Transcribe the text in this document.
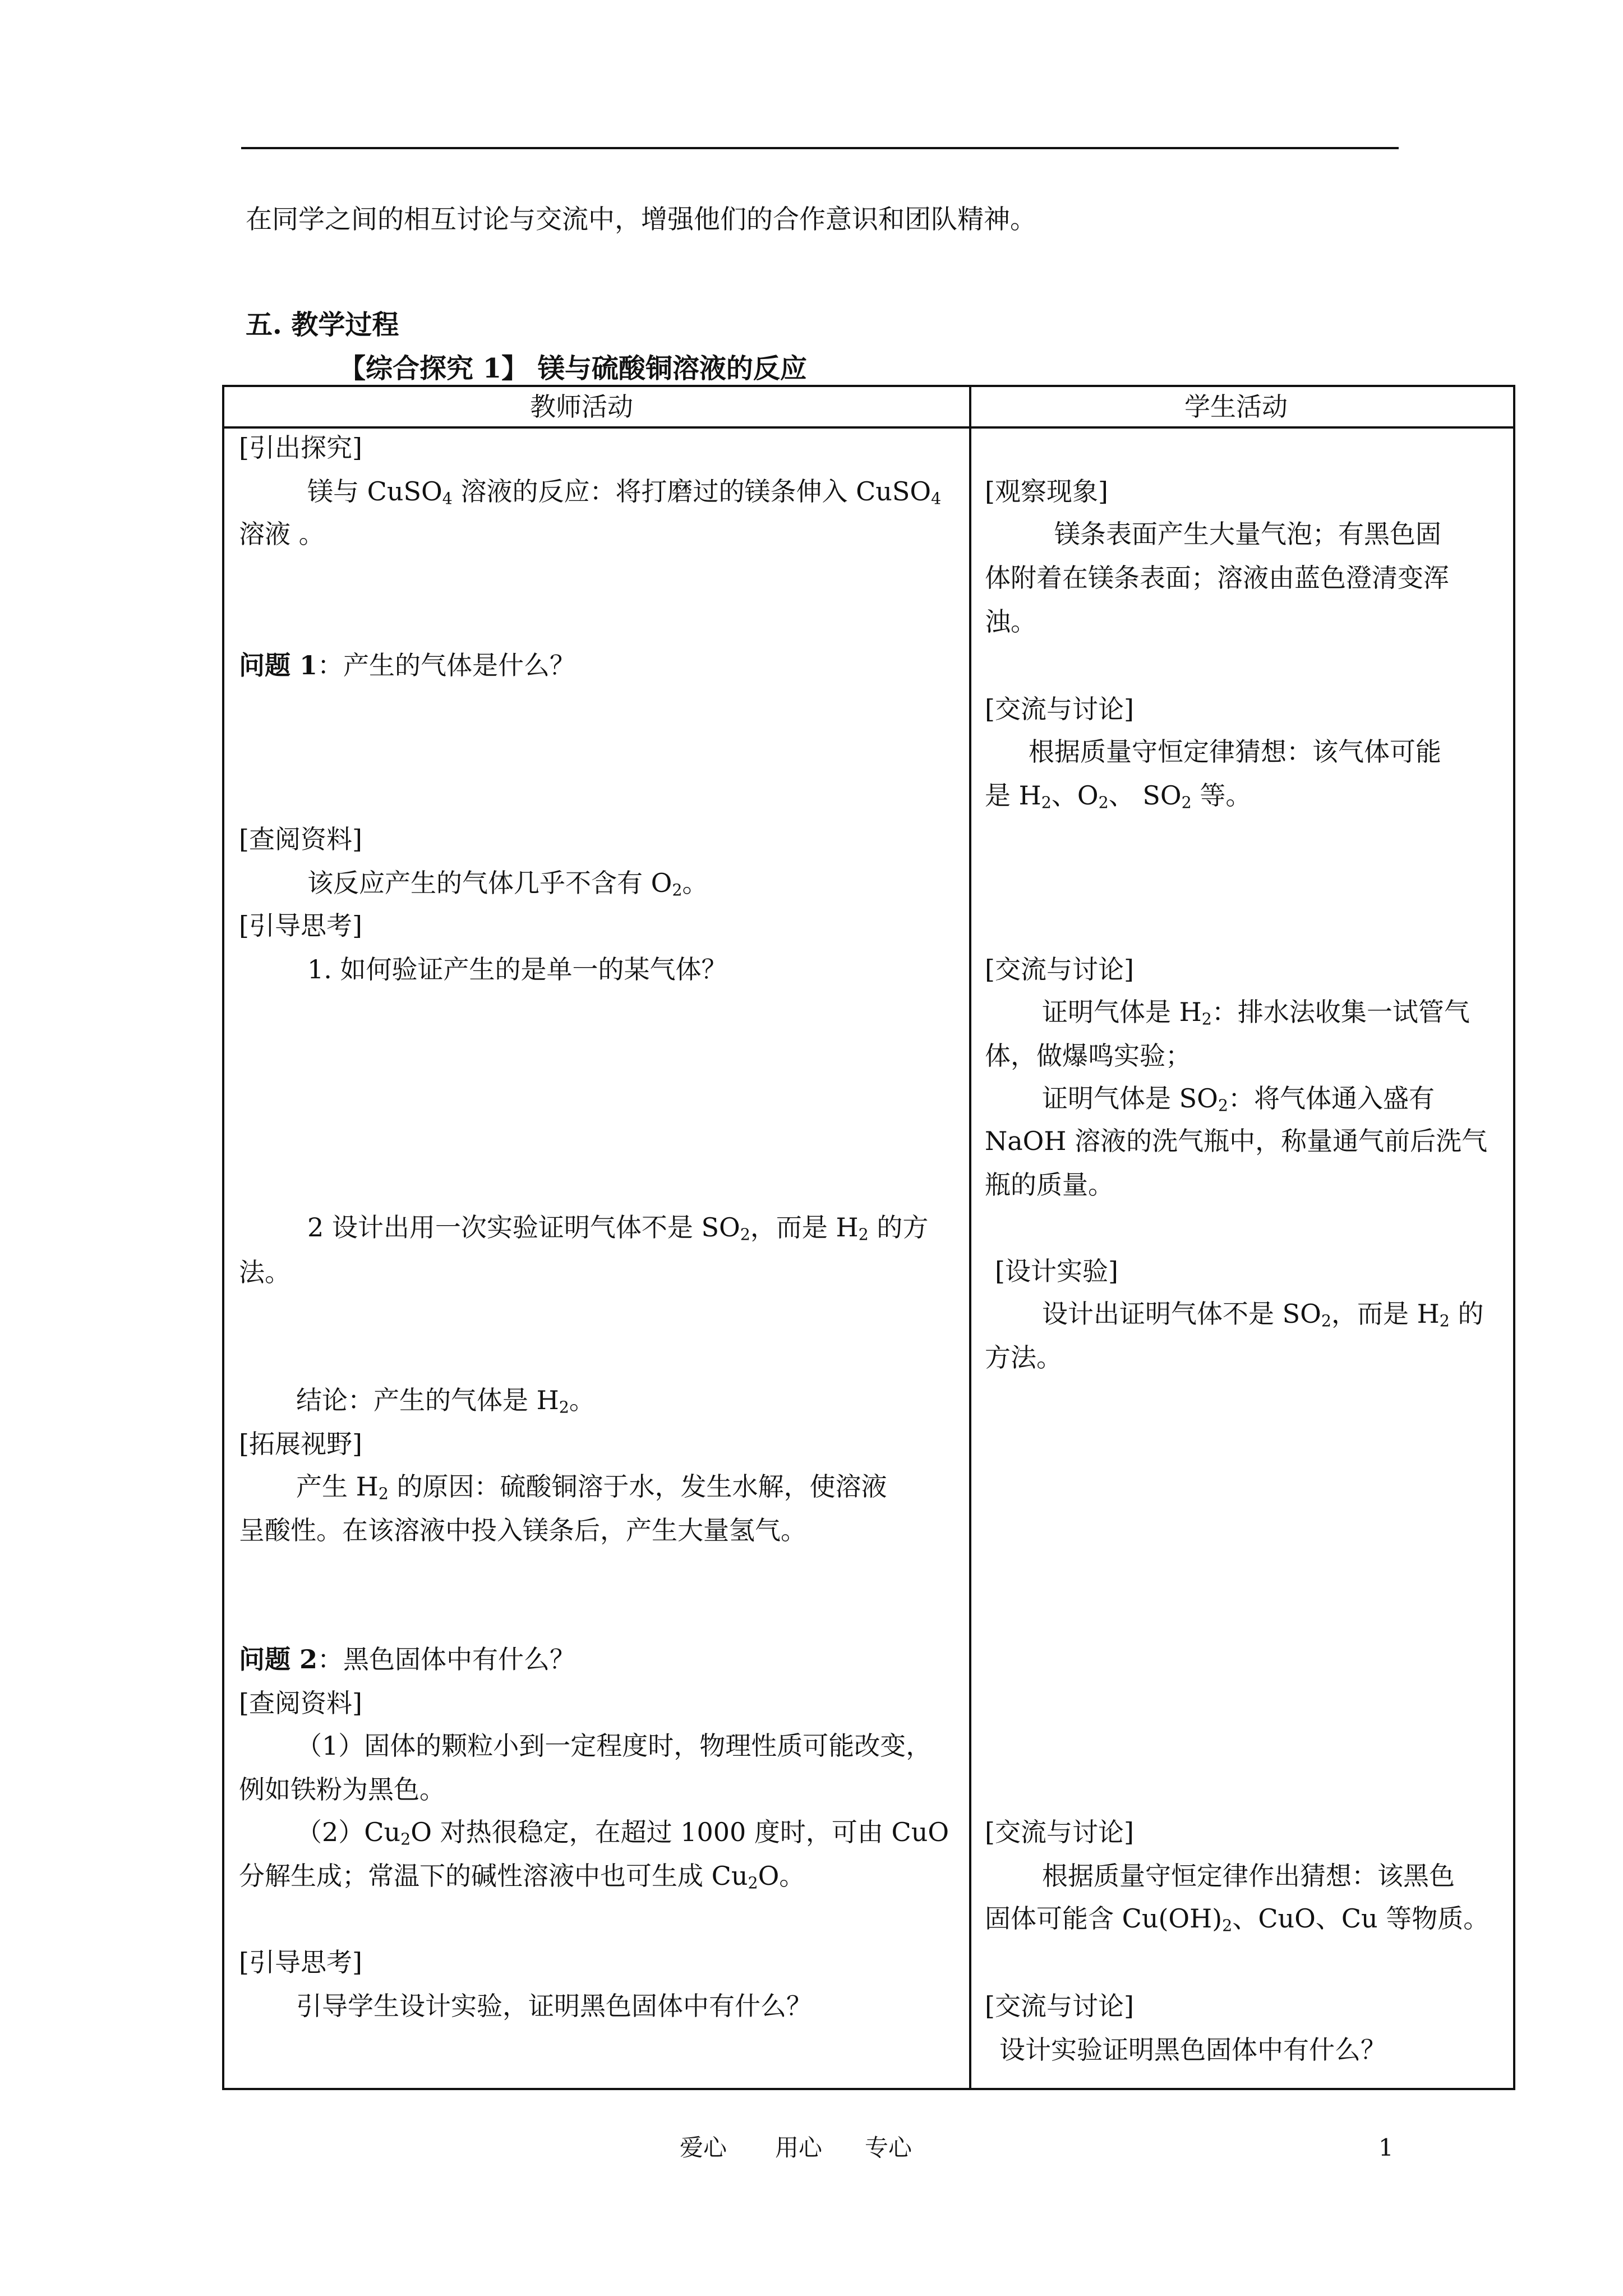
在同学之间的相互讨论与交流中，增强他们的合作意识和团队精神。
五. 教学过程
【综合探究 1】 镁与硫酸铜溶液的反应
教师活动	学生活动
[引出探究]
镁与 CuSO$_4$ 溶液的反应：将打磨过的镁条伸入 CuSO$_4$
溶液 。
问题 1：产生的气体是什么？
[查阅资料]
该反应产生的气体几乎不含有 $O_2$。
[引导思考]
1. 如何验证产生的是单一的某气体？
2 设计出用一次实验证明气体不是 $SO_2$，而是 $H_2$ 的方
法。
结论：产生的气体是 $H_2$。
[拓展视野]
产生 $H_2$ 的原因：硫酸铜溶于水，发生水解，使溶液
呈酸性。在该溶液中投入镁条后，产生大量氢气。
问题 2：黑色固体中有什么？
[查阅资料]
（1）固体的颗粒小到一定程度时，物理性质可能改变，
例如铁粉为黑色。
$(2)Cu_2O$ 对热很稳定，在超过 1000 度时，可由 CuO
分解生成；常温下的碱性溶液中也可生成 $Cu_2O$。
[引导思考]
引导学生设计实验，证明黑色固体中有什么？
[观察现象]
镁条表面产生大量气泡；有黑色固
体附着在镁条表面；溶液由蓝色澄清变浑
浊。
[交流与讨论]
根据质量守恒定律猜想：该气体可能
是 $H_2$、$O_2$、 $SO_2$ 等。
[交流与讨论]
证明气体是 $H_2$：排水法收集一试管气
体，做爆鸣实验；
证明气体是 $SO_2$：将气体通入盛有
NaOH 溶液的洗气瓶中，称量通气前后洗气
瓶的质量。
[设计实验]
设计出证明气体不是 $SO_2$，而是 $H_2$ 的
方法。
[交流与讨论]
根据质量守恒定律作出猜想：该黑色
固体可能含 $Cu(OH)_2$、CuO、Cu 等物质。
[交流与讨论]
设计实验证明黑色固体中有什么？
爱心 用心 专心	1
